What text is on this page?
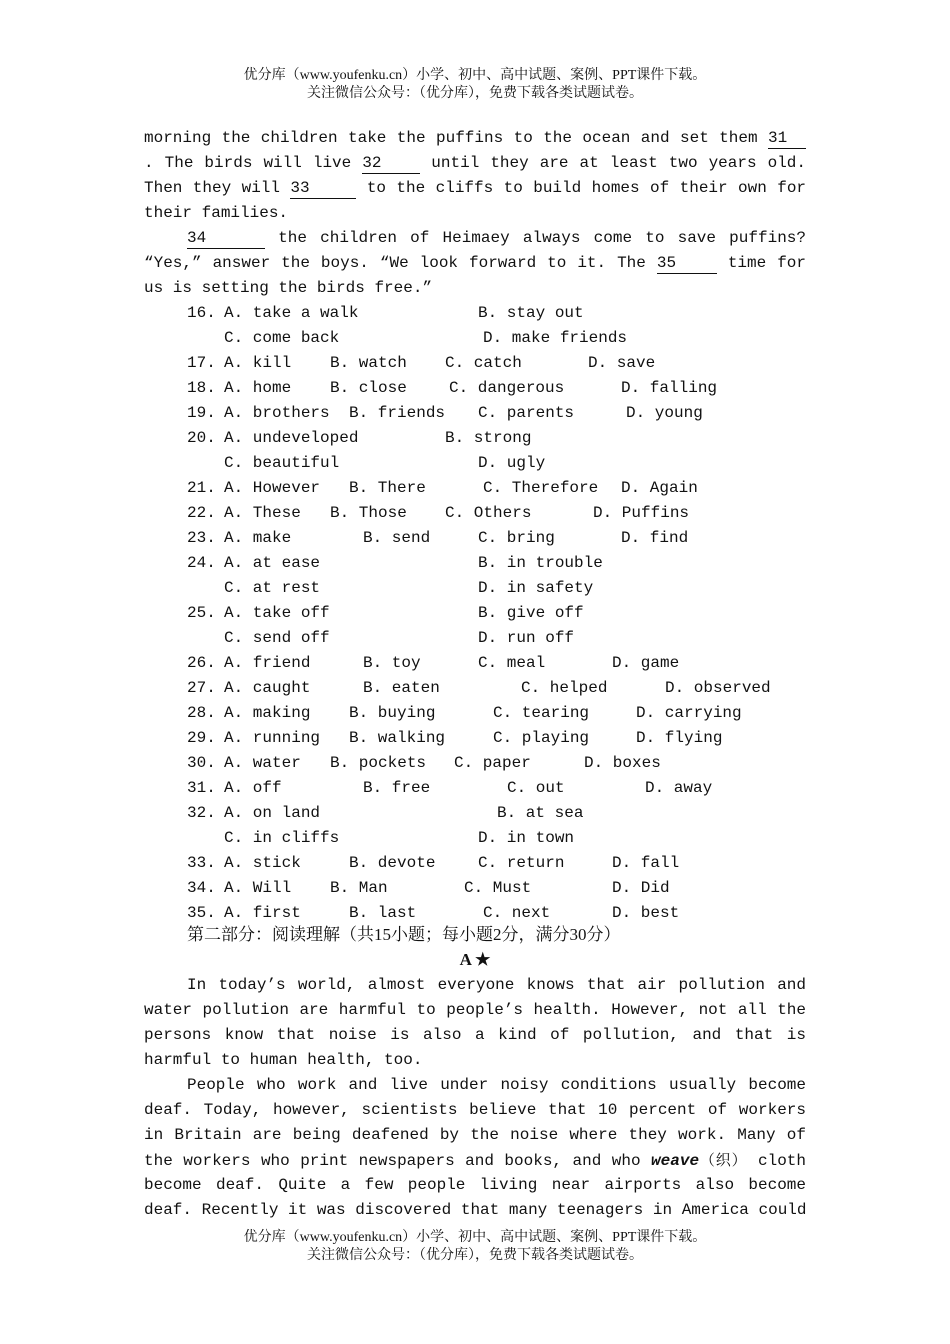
优分库（www.youfenku.cn）小学、初中、高中试题、案例、PPT课件下载。
关注微信公众号：（优分库），免费下载各类试题试卷。
morning the children take the puffins to the ocean and set them 31
. The birds will live 32	until they are at least two years old.
Then they will 33	to the cliffs to build homes of their own for
their families.
34	the children of Heimaey always come to save puffins?
“Yes,” answer the boys. “We look forward to it. The 35	time for
us is setting the birds free.”
16. A. take a walk	B. stay out
C. come back	D. make friends
17. A. kill B. watch C. catch	D. save
18. A. home B. close	C. dangerous	D. falling
19. A. brothers B. friends C. parents	D. young
20. A. undeveloped	B. strong
C. beautiful	D. ugly
21. A. However B. There	C. Therefore D. Again
22. A. These B. Those C. Others	D. Puffins
23. A. make	B. send	C. bring	D. find
24. A. at ease	B. in trouble
C. at rest	D. in safety
25. A. take off	B. give off
C. send off	D. run off
26. A. friend	B. toy	C. meal	D. game
27. A. caught	B. eaten	C. helped	D. observed
28. A. making B. buying	C. tearing	D. carrying
29. A. running B. walking	C. playing	D. flying
30. A. water B. pockets C. paper	D. boxes
31. A. off	B. free	C. out	D. away
32. A. on land	B. at sea
C. in cliffs	D. in town
33. A. stick	B. devote	C. return	D. fall
34. A. Will B. Man	C. Must	D. Did
35. A. first	B. last	C. next	D. best
第二部分：阅读理解（共15小题；每小题2分，满分30分）
A ★
In today’s world, almost everyone knows that air pollution and
water pollution are harmful to people’s health. However, not all the
persons know that noise is also a kind of pollution, and that is
harmful to human health, too.
People who work and live under noisy conditions usually become
deaf. Today, however, scientists believe that 10 percent of workers
in Britain are being deafened by the noise where they work. Many of
the workers who print newspapers and books, and who weave（织） cloth
become deaf. Quite a few people living near airports also become
deaf. Recently it was discovered that many teenagers in America could
优分库（www.youfenku.cn）小学、初中、高中试题、案例、PPT课件下载。
关注微信公众号：（优分库），免费下载各类试题试卷。
